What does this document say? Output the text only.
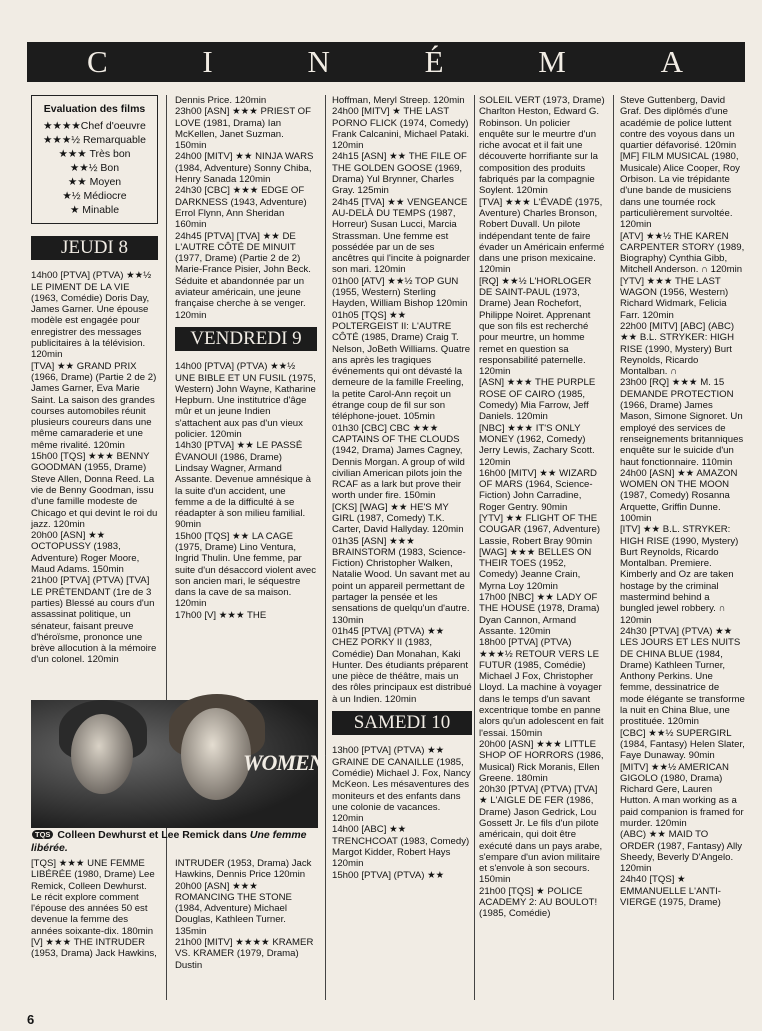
C	I	N	É	M	A
Evaluation des films
★★★★Chef d'oeuvre
★★★½ Remarquable
★★★ Très bon
★★½ Bon
★★ Moyen
★½ Médiocre
★ Minable
JEUDI 8

14h00 [PTVA] (PTVA) ★★½ LE PIMENT DE LA VIE (1963, Comédie) Doris Day, James Garner. Une épouse modèle est engagée pour enregistrer des messages publicitaires à la télévision. 120min

[TVA] ★★ GRAND PRIX (1966, Drame) (Partie 2 de 2) James Garner, Eva Marie Saint. La saison des grandes courses automobiles réunit plusieurs coureurs dans une même camaraderie et une même rivalité. 120min

15h00 [TQS] ★★★ BENNY GOODMAN (1955, Drame) Steve Allen, Donna Reed. La vie de Benny Goodman, issu d'une famille modeste de Chicago et qui devint le roi du jazz. 120min

20h00 [ASN] ★★ OCTOPUSSY (1983, Adventure) Roger Moore, Maud Adams. 150min

21h00 [PTVA] (PTVA) [TVA] LE PRÉTENDANT (1re de 3 parties) Blessé au cours d'un assassinat politique, un sénateur, faisant preuve d'héroïsme, prononce une brève allocution à la mémoire d'un colonel. 120min

Dennis Price. 120min

23h00 [ASN] ★★★ PRIEST OF LOVE (1981, Drama) Ian McKellen, Janet Suzman. 150min

24h00 [MITV] ★★ NINJA WARS (1984, Adventure) Sonny Chiba, Henry Sanada 120min

24h30 [CBC] ★★★ EDGE OF DARKNESS (1943, Adventure) Errol Flynn, Ann Sheridan 160min

24h45 [PTVA] [TVA] ★★ DE L'AUTRE CÔTÉ DE MINUIT (1977, Drame) (Partie 2 de 2) Marie-France Pisier, John Beck. Séduite et abandonnée par un aviateur américain, une jeune française cherche à se venger. 120min

VENDREDI 9

14h00 [PTVA] (PTVA) ★★½ UNE BIBLE ET UN FUSIL (1975, Western) John Wayne, Katharine Hepburn. Une institutrice d'âge mûr et un jeune Indien s'attachent aux pas d'un vieux policier. 120min

14h30 [PTVA] ★★ LE PASSÉ ÉVANOUI (1986, Drame) Lindsay Wagner, Armand Assante. Devenue amnésique à la suite d'un accident, une femme a de la difficulté à se réadapter à son milieu familial. 90min

15h00 [TQS] ★★ LA CAGE (1975, Drame) Lino Ventura, Ingrid Thulin. Une femme, par suite d'un désaccord violent avec son ancien mari, le séquestre dans la cave de sa maison. 120min

17h00 [V] ★★★ THE

WOMEN'S
TQS Colleen Dewhurst et Lee Remick dans Une femme libérée.

[TQS] ★★★ UNE FEMME LIBÉRÉE (1980, Drame) Lee Remick, Colleen Dewhurst. Le récit explore comment l'épouse des années 50 est devenue la femme des années soixante-dix. 180min

[V] ★★★ THE INTRUDER (1953, Drama) Jack Hawkins,

INTRUDER (1953, Drama) Jack Hawkins, Dennis Price 120min

20h00 [ASN] ★★★ ROMANCING THE STONE (1984, Adventure) Michael Douglas, Kathleen Turner. 135min

21h00 [MITV] ★★★★ KRAMER VS. KRAMER (1979, Drama) Dustin

Hoffman, Meryl Streep. 120min

24h00 [MITV] ★ THE LAST PORNO FLICK (1974, Comedy) Frank Calcanini, Michael Pataki. 120min

24h15 [ASN] ★★ THE FILE OF THE GOLDEN GOOSE (1969, Drama) Yul Brynner, Charles Gray. 125min

24h45 [TVA] ★★ VENGEANCE AU-DELÀ DU TEMPS (1987, Horreur) Susan Lucci, Marcia Strassman. Une femme est possédée par un de ses ancêtres qui l'incite à poignarder son mari. 120min

01h00 [ATV] ★★½ TOP GUN (1955, Western) Sterling Hayden, William Bishop 120min

01h05 [TQS] ★★ POLTERGEIST II: L'AUTRE CÔTÉ (1985, Drame) Craig T. Nelson, JoBeth Williams. Quatre ans après les tragiques événements qui ont dévasté la demeure de la famille Freeling, la petite Carol-Ann reçoit un étrange coup de fil sur son téléphone-jouet. 105min

01h30 [CBC] CBC ★★★ CAPTAINS OF THE CLOUDS (1942, Drama) James Cagney, Dennis Morgan. A group of wild civilian American pilots join the RCAF as a lark but prove their worth under fire. 150min

[CKS] [WAG] ★★ HE'S MY GIRL (1987, Comedy) T.K. Carter, David Hallyday. 120min

01h35 [ASN] ★★★ BRAINSTORM (1983, Science-Fiction) Christopher Walken, Natalie Wood. Un savant met au point un appareil permettant de partager la pensée et les sensations de quelqu'un d'autre. 130min

01h45 [PTVA] (PTVA) ★★ CHEZ PORKY II (1983, Comédie) Dan Monahan, Kaki Hunter. Des étudiants préparent une pièce de théâtre, mais un des rôles principaux est distribué à un Indien. 120min

SAMEDI 10

13h00 [PTVA] (PTVA) ★★ GRAINE DE CANAILLE (1985, Comédie) Michael J. Fox, Nancy McKeon. Les mésaventures des moniteurs et des enfants dans une colonie de vacances. 120min

14h00 [ABC] ★★ TRENCHCOAT (1983, Comedy) Margot Kidder, Robert Hays 120min

15h00 [PTVA] (PTVA) ★★

SOLEIL VERT (1973, Drame) Charlton Heston, Edward G. Robinson. Un policier enquête sur le meurtre d'un riche avocat et il fait une découverte horrifiante sur la composition des produits fabriqués par la compagnie Soylent. 120min

[TVA] ★★★ L'ÉVADÉ (1975, Aventure) Charles Bronson, Robert Duvall. Un pilote indépendant tente de faire évader un Américain enfermé dans une prison mexicaine. 120min

[RQ] ★★½ L'HORLOGER DE SAINT-PAUL (1973, Drame) Jean Rochefort, Philippe Noiret. Apprenant que son fils est recherché pour meurtre, un homme remet en question sa responsabilité paternelle. 120min

[ASN] ★★★ THE PURPLE ROSE OF CAIRO (1985, Comedy) Mia Farrow, Jeff Daniels. 120min

[NBC] ★★★ IT'S ONLY MONEY (1962, Comedy) Jerry Lewis, Zachary Scott. 120min

16h00 [MITV] ★★ WIZARD OF MARS (1964, Science-Fiction) John Carradine, Roger Gentry. 90min

[YTV] ★★ FLIGHT OF THE COUGAR (1967, Adventure) Lassie, Robert Bray 90min

[WAG] ★★★ BELLES ON THEIR TOES (1952, Comedy) Jeanne Crain, Myrna Loy 120min

17h00 [NBC] ★★ LADY OF THE HOUSE (1978, Drama) Dyan Cannon, Armand Assante. 120min

18h00 [PTVA] (PTVA) ★★★½ RETOUR VERS LE FUTUR (1985, Comédie) Michael J Fox, Christopher Lloyd. La machine à voyager dans le temps d'un savant excentrique tombe en panne alors qu'un adolescent en fait l'essai. 150min

20h00 [ASN] ★★★ LITTLE SHOP OF HORRORS (1986, Musical) Rick Moranis, Ellen Greene. 180min

20h30 [PTVA] (PTVA) [TVA] ★ L'AIGLE DE FER (1986, Drame) Jason Gedrick, Lou Gossett Jr. Le fils d'un pilote américain, qui doit être exécuté dans un pays arabe, s'empare d'un avion militaire et s'envole à son secours. 150min

21h00 [TQS] ★ POLICE ACADEMY 2: AU BOULOT! (1985, Comédie)

Steve Guttenberg, David Graf. Des diplômés d'une académie de police luttent contre des voyous dans un quartier défavorisé. 120min

[MF] FILM MUSICAL (1980, Musicale) Alice Cooper, Roy Orbison. La vie trépidante d'une bande de musiciens dans une tournée rock particulièrement survoltée. 120min

[ATV] ★★½ THE KAREN CARPENTER STORY (1989, Biography) Cynthia Gibb, Mitchell Anderson. ∩ 120min

[YTV] ★★★ THE LAST WAGON (1956, Western) Richard Widmark, Felicia Farr. 120min

22h00 [MITV] [ABC] (ABC) ★★ B.L. STRYKER: HIGH RISE (1990, Mystery) Burt Reynolds, Ricardo Montalban. ∩

23h00 [RQ] ★★★ M. 15 DEMANDE PROTECTION (1966, Drame) James Mason, Simone Signoret. Un employé des services de renseignements britanniques enquête sur le suicide d'un haut fonctionnaire. 110min

24h00 [ASN] ★★ AMAZON WOMEN ON THE MOON (1987, Comedy) Rosanna Arquette, Griffin Dunne. 100min

[ITV] ★★ B.L. STRYKER: HIGH RISE (1990, Mystery) Burt Reynolds, Ricardo Montalban. Premiere. Kimberly and Oz are taken hostage by the criminal mastermind behind a bungled jewel robbery. ∩ 120min

24h30 [PTVA] (PTVA) ★★ LES JOURS ET LES NUITS DE CHINA BLUE (1984, Drame) Kathleen Turner, Anthony Perkins. Une femme, dessinatrice de mode élégante se transforme la nuit en China Blue, une prostituée. 120min

[CBC] ★★½ SUPERGIRL (1984, Fantasy) Helen Slater, Faye Dunaway. 90min

[MITV] ★★½ AMERICAN GIGOLO (1980, Drama) Richard Gere, Lauren Hutton. A man working as a paid companion is framed for murder. 120min

(ABC) ★★ MAID TO ORDER (1987, Fantasy) Ally Sheedy, Beverly D'Angelo. 120min

24h40 [TQS] ★ EMMANUELLE L'ANTI-VIERGE (1975, Drame)

6
